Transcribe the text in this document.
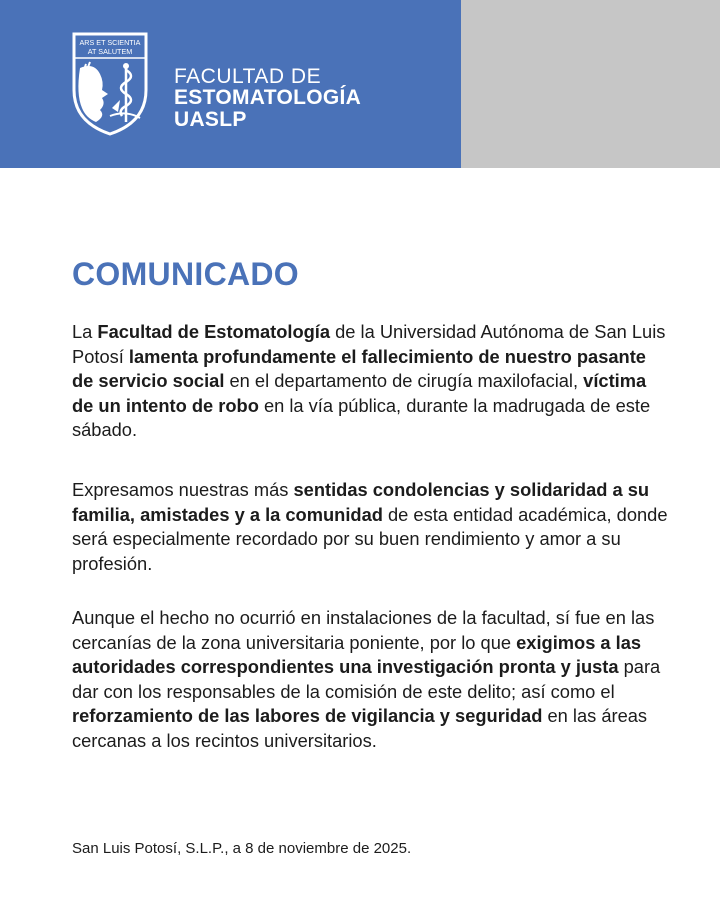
ARS ET SCIENTIA
AT SALUTEM
FACULTAD DE
ESTOMATOLOGÍA
UASLP
COMUNICADO

La Facultad de Estomatología de la Universidad Autónoma de San Luis Potosí lamenta profundamente el fallecimiento de nuestro pasante de servicio social en el departamento de cirugía maxilofacial, víctima de un intento de robo en la vía pública, durante la madrugada de este sábado.

Expresamos nuestras más sentidas condolencias y solidaridad a su familia, amistades y a la comunidad de esta entidad académica, donde será especialmente recordado por su buen rendimiento y amor a su profesión.

Aunque el hecho no ocurrió en instalaciones de la facultad, sí fue en las cercanías de la zona universitaria poniente, por lo que exigimos a las autoridades correspondientes una investigación pronta y justa para dar con los responsables de la comisión de este delito; así como el reforzamiento de las labores de vigilancia y seguridad en las áreas cercanas a los recintos universitarios.

San Luis Potosí, S.L.P., a 8 de noviembre de 2025.
